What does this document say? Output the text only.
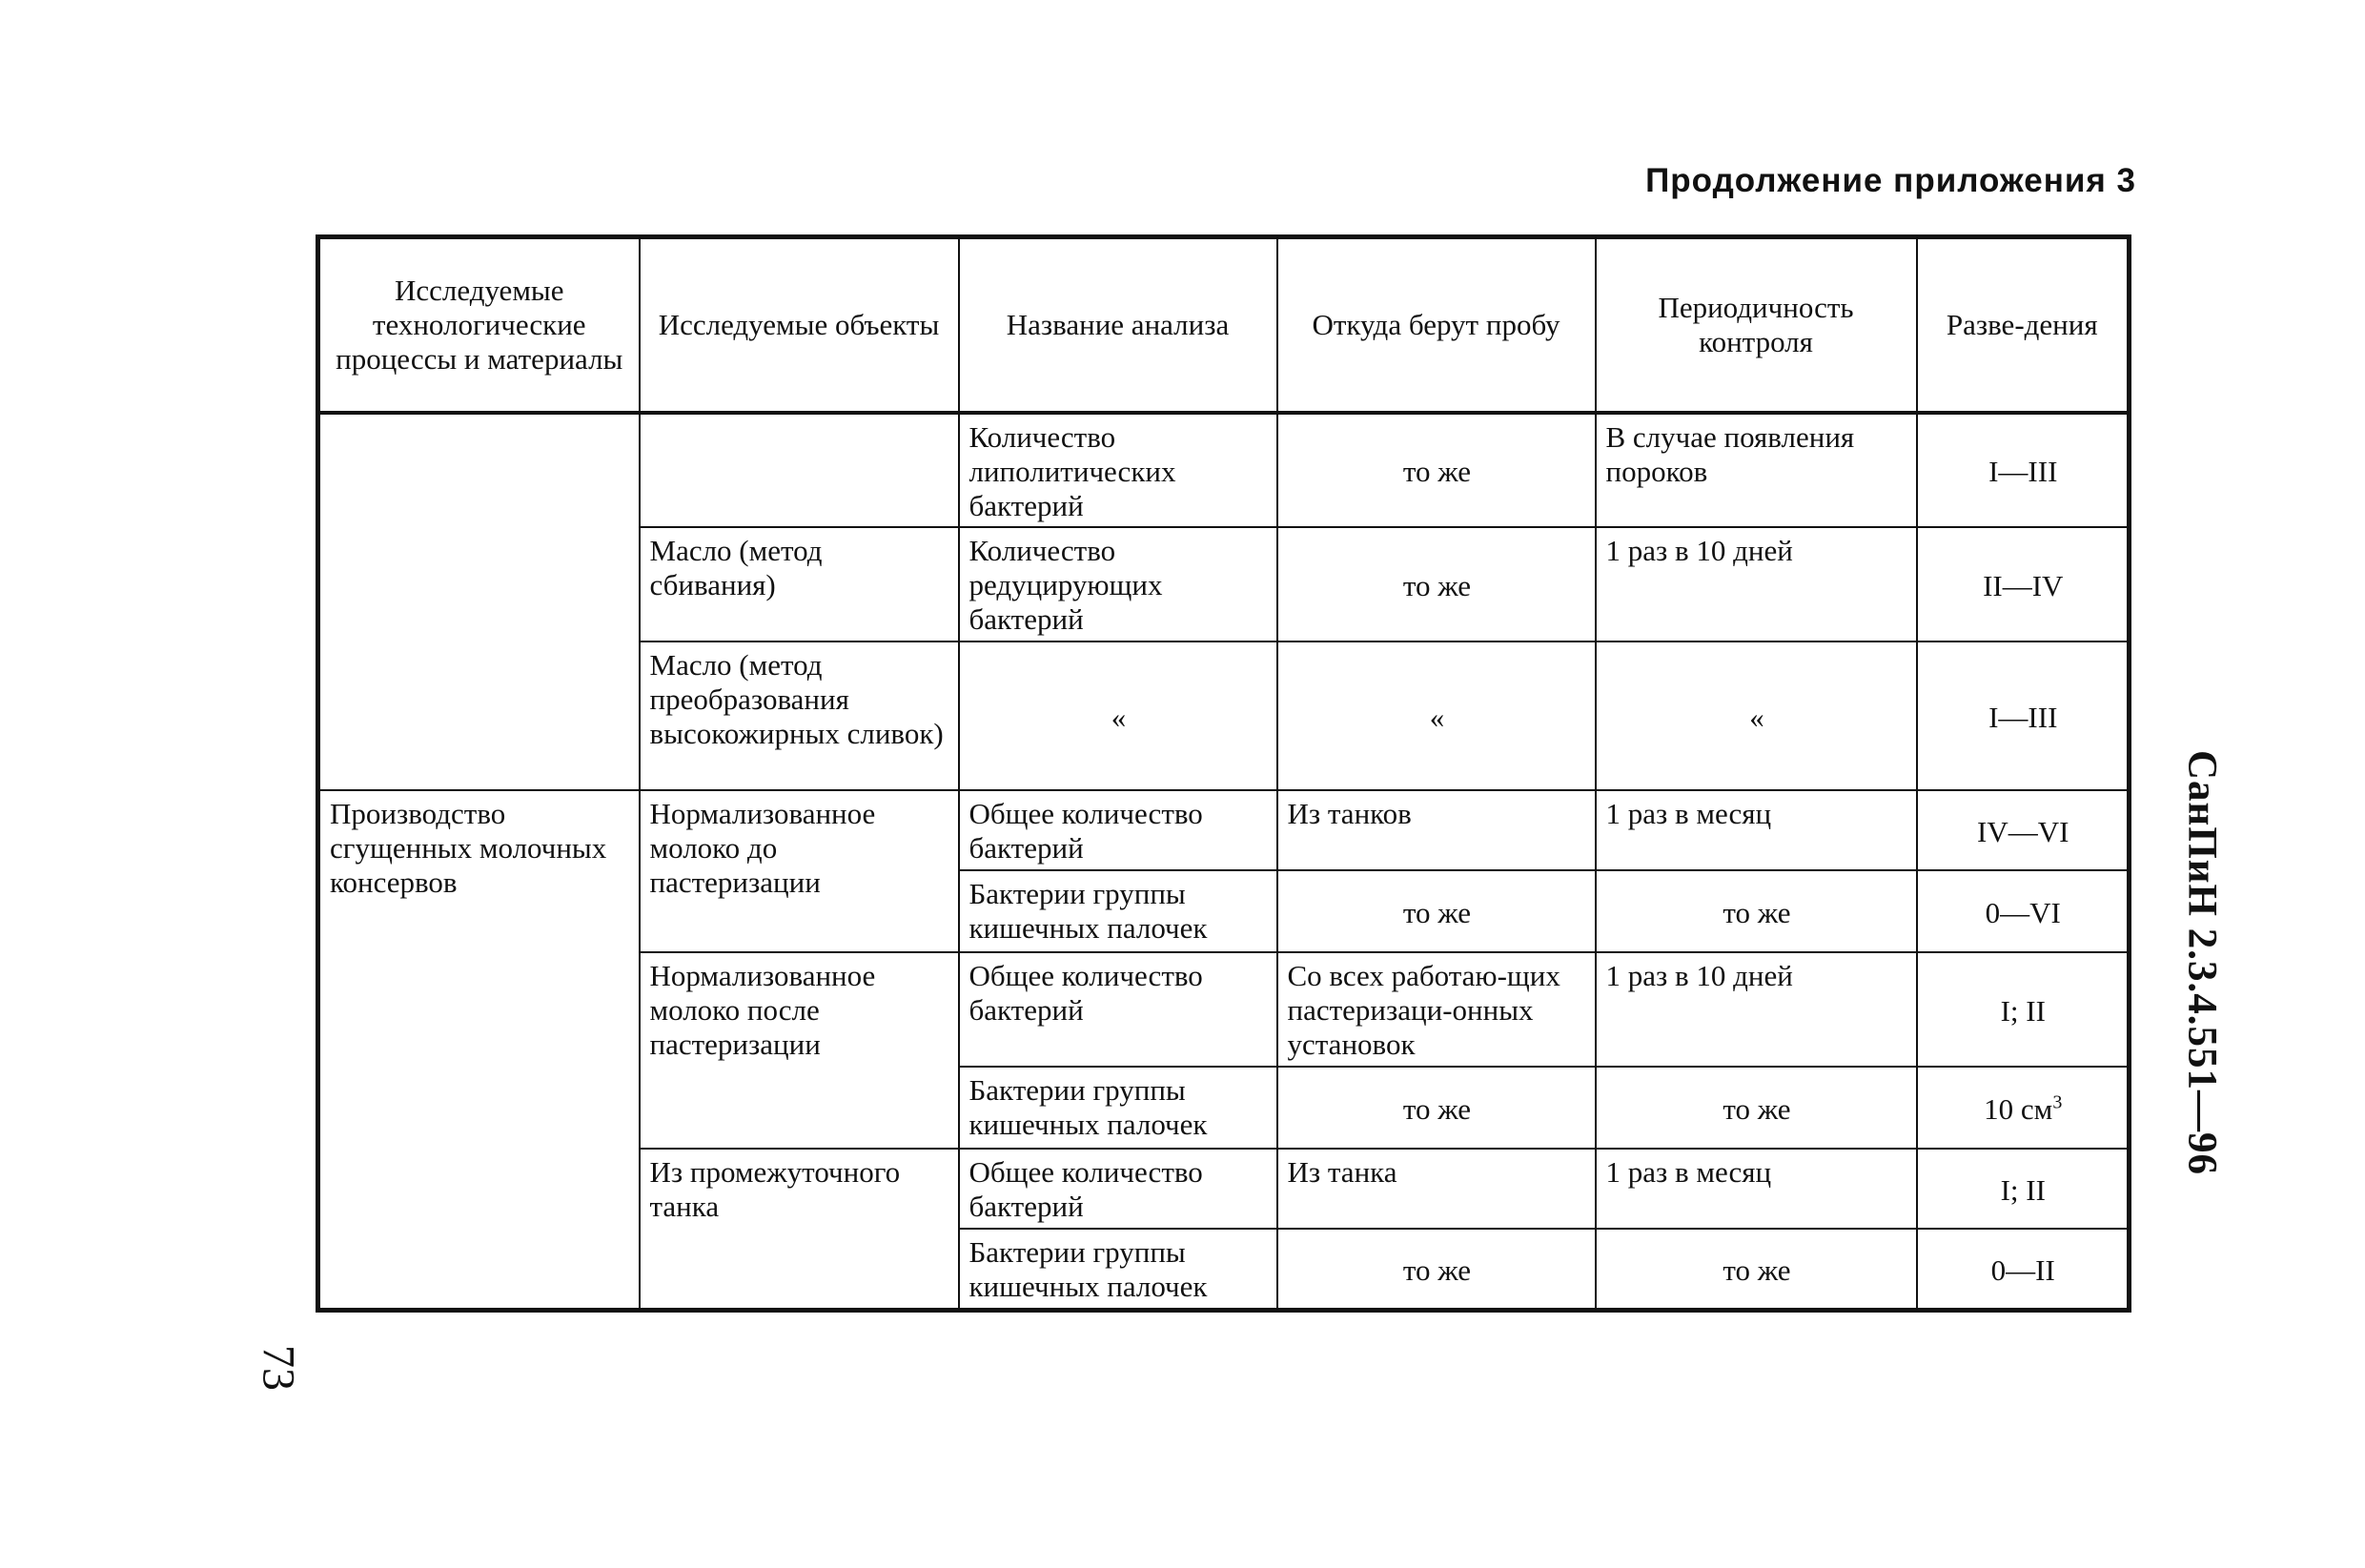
Продолжение приложения 3
Исследуемые технологические процессы и материалы	Исследуемые объекты	Название анализа	Откуда берут пробу	Периодичность контроля	Разве-дения
		Количество липолитических бактерий	то же	В случае появления пороков	I—III
	Масло (метод сбивания)	Количество редуцирующих бактерий	то же	1 раз в 10 дней	II—IV
	Масло (метод преобразования высокожирных сливок)	«	«	«	I—III
Производство сгущенных молочных консервов	Нормализованное молоко до пастеризации	Общее количество бактерий	Из танков	1 раз в месяц	IV—VI
		Бактерии группы кишечных палочек	то же	то же	0—VI
	Нормализованное молоко после пастеризации	Общее количество бактерий	Со всех работаю-щих пастеризаци-онных установок	1 раз в 10 дней	I; II
		Бактерии группы кишечных палочек	то же	то же	10 $см^3$
	Из промежуточного танка	Общее количество бактерий	Из танка	1 раз в месяц	I; II
		Бактерии группы кишечных палочек	то же	то же	0—II
СанПиН 2.3.4.551—96
73
